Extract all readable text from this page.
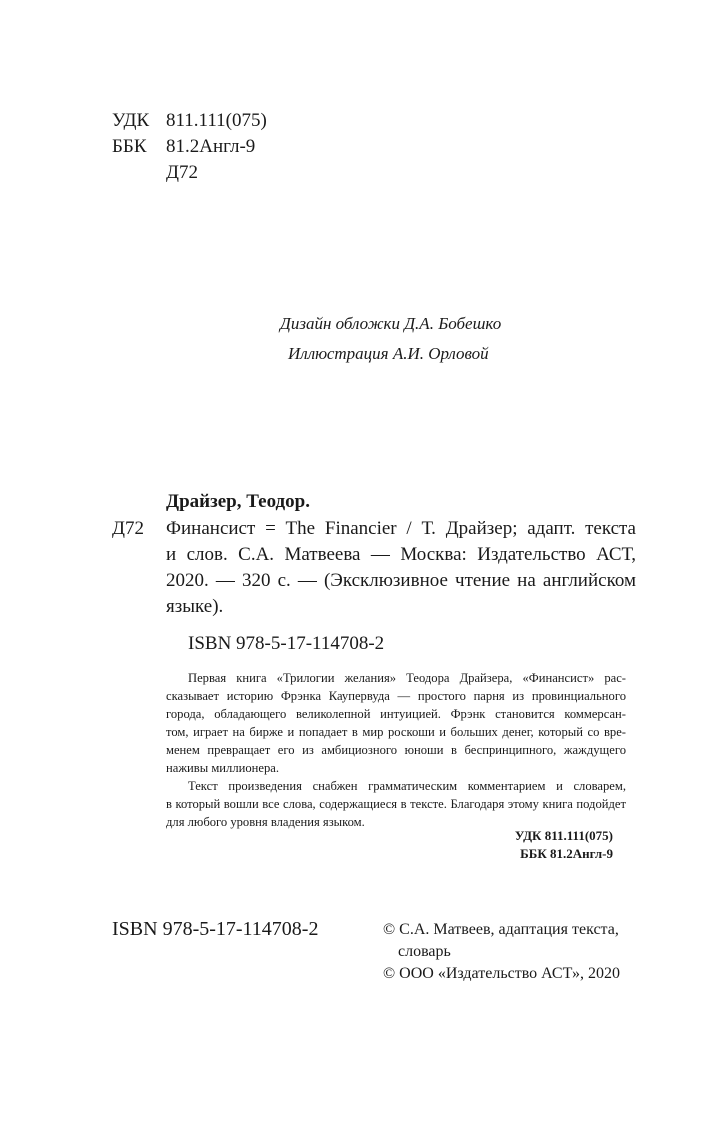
УДК 811.111(075)
ББК 81.2Англ-9
Д72
Дизайн обложки Д.А. Бобешко
Иллюстрация А.И. Орловой
Драйзер, Теодор.
Д72 Финансист = The Financier / Т. Драйзер; адапт. текста
и слов. С.А. Матвеева — Москва: Издательство АСТ,
2020. — 320 с. — (Эксклюзивное чтение на английском
языке).
ISBN 978-5-17-114708-2
Первая книга «Трилогии желания» Теодора Драйзера, «Финансист» рас-
сказывает историю Фрэнка Каупервуда — простого парня из провинциального
города, обладающего великолепной интуицией. Фрэнк становится коммерсан-
том, играет на бирже и попадает в мир роскоши и больших денег, который со вре-
менем превращает его из амбициозного юноши в беспринципного, жаждущего
наживы миллионера.
Текст произведения снабжен грамматическим комментарием и словарем,
в который вошли все слова, содержащиеся в тексте. Благодаря этому книга подойдет
для любого уровня владения языком.
УДК 811.111(075)
ББК 81.2Англ-9
ISBN 978-5-17-114708-2	© С.А. Матвеев, адаптация текста,
словарь
© ООО «Издательство АСТ», 2020
